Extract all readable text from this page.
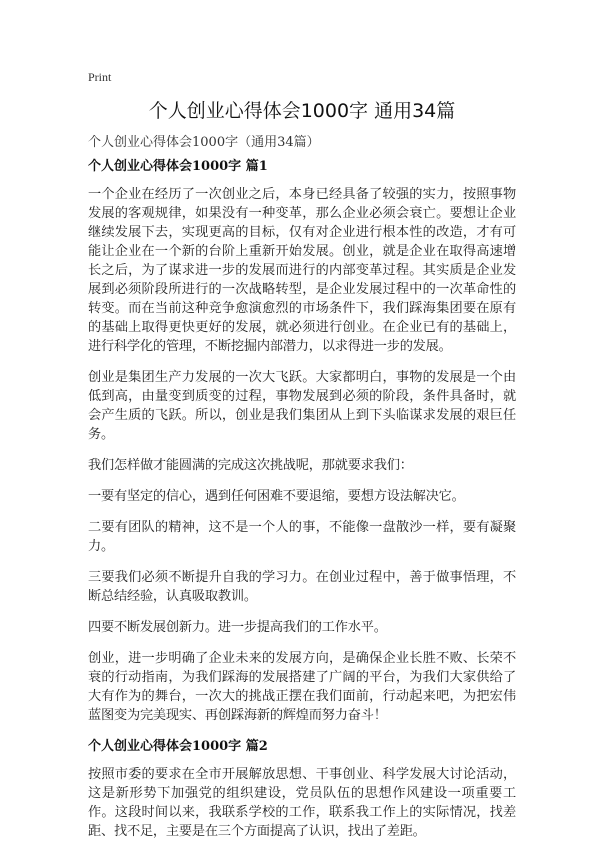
Print
个人创业心得体会1000字 通用34篇
个人创业心得体会1000字（通用34篇）
个人创业心得体会1000字 篇1

一个企业在经历了一次创业之后，本身已经具备了较强的实力，按照事物发展的客观规律，如果没有一种变革，那么企业必须会衰亡。要想让企业继续发展下去，实现更高的目标，仅有对企业进行根本性的改造，才有可能让企业在一个新的台阶上重新开始发展。创业，就是企业在取得高速增长之后，为了谋求进一步的发展而进行的内部变革过程。其实质是企业发展到必须阶段所进行的一次战略转型，是企业发展过程中的一次革命性的转变。而在当前这种竞争愈演愈烈的市场条件下，我们踩海集团要在原有的基础上取得更快更好的发展，就必须进行创业。在企业已有的基础上，进行科学化的管理，不断挖掘内部潜力，以求得进一步的发展。

创业是集团生产力发展的一次大飞跃。大家都明白，事物的发展是一个由低到高，由量变到质变的过程，事物发展到必须的阶段，条件具备时，就会产生质的飞跃。所以，创业是我们集团从上到下头临谋求发展的艰巨任务。

我们怎样做才能圆满的完成这次挑战呢，那就要求我们：

一要有坚定的信心，遇到任何困难不要退缩，要想方设法解决它。

二要有团队的精神，这不是一个人的事，不能像一盘散沙一样，要有凝聚力。

三要我们必须不断提升自我的学习力。在创业过程中，善于做事悟理，不断总结经验，认真吸取教训。

四要不断发展创新力。进一步提高我们的工作水平。

创业，进一步明确了企业未来的发展方向，是确保企业长胜不败、长荣不衰的行动指南，为我们踩海的发展搭建了广阔的平台，为我们大家供给了大有作为的舞台，一次大的挑战正摆在我们面前，行动起来吧，为把宏伟蓝图变为完美现实、再创踩海新的辉煌而努力奋斗！

个人创业心得体会1000字 篇2

按照市委的要求在全市开展解放思想、干事创业、科学发展大讨论活动，这是新形势下加强党的组织建设，党员队伍的思想作风建设一项重要工作。这段时间以来，我联系学校的工作，联系我工作上的实际情况，找差距、找不足，主要是在三个方面提高了认识，找出了差距。
